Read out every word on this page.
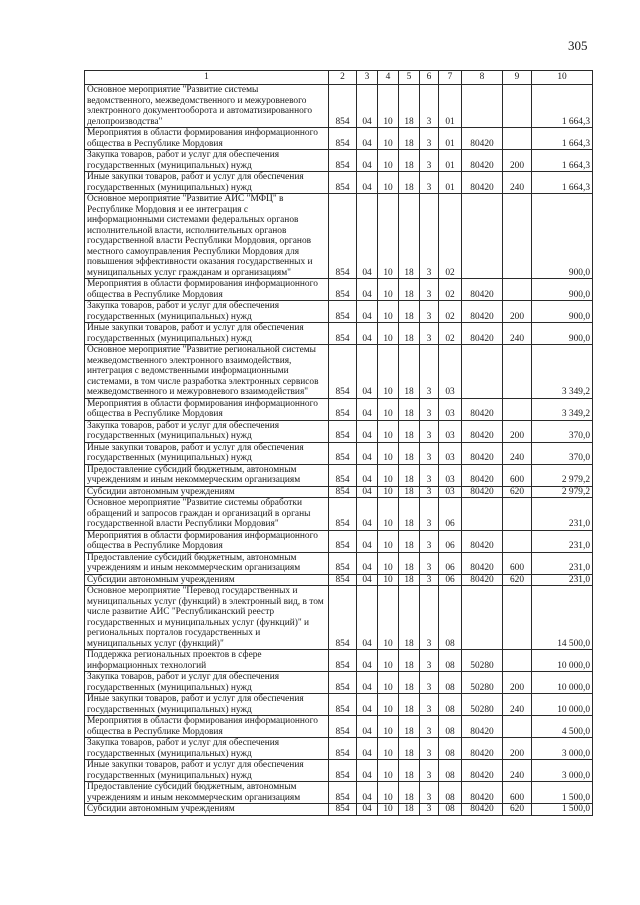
305
1	2	3	4	5	6	7	8	9	10
Основное мероприятие "Развитие системы ведомственного, межведомственного и межуровневого электронного документооборота и автоматизированного делопроизводства"	854	04	10	18	3	01			1 664,3
Мероприятия в области формирования информационного общества в Республике Мордовия	854	04	10	18	3	01	80420		1 664,3
Закупка товаров, работ и услуг для обеспечения государственных (муниципальных) нужд	854	04	10	18	3	01	80420	200	1 664,3
Иные закупки товаров, работ и услуг для обеспечения государственных (муниципальных) нужд	854	04	10	18	3	01	80420	240	1 664,3
Основное мероприятие "Развитие АИС "МФЦ" в Республике Мордовия и ее интеграция с информационными системами федеральных органов исполнительной власти, исполнительных органов государственной власти Республики Мордовия, органов местного самоуправления Республики Мордовия для повышения эффективности оказания государственных и муниципальных услуг гражданам и организациям"	854	04	10	18	3	02			900,0
Мероприятия в области формирования информационного общества в Республике Мордовия	854	04	10	18	3	02	80420		900,0
Закупка товаров, работ и услуг для обеспечения государственных (муниципальных) нужд	854	04	10	18	3	02	80420	200	900,0
Иные закупки товаров, работ и услуг для обеспечения государственных (муниципальных) нужд	854	04	10	18	3	02	80420	240	900,0
Основное мероприятие "Развитие региональной системы межведомственного электронного взаимодействия, интеграция с ведомственными информационными системами, в том числе разработка электронных сервисов межведомственного и межуровневого взаимодействия"	854	04	10	18	3	03			3 349,2
Мероприятия в области формирования информационного общества в Республике Мордовия	854	04	10	18	3	03	80420		3 349,2
Закупка товаров, работ и услуг для обеспечения государственных (муниципальных) нужд	854	04	10	18	3	03	80420	200	370,0
Иные закупки товаров, работ и услуг для обеспечения государственных (муниципальных) нужд	854	04	10	18	3	03	80420	240	370,0
Предоставление субсидий бюджетным, автономным учреждениям и иным некоммерческим организациям	854	04	10	18	3	03	80420	600	2 979,2
Субсидии автономным учреждениям	854	04	10	18	3	03	80420	620	2 979,2
Основное мероприятие "Развитие системы обработки обращений и запросов граждан и организаций в органы государственной власти Республики Мордовия"	854	04	10	18	3	06			231,0
Мероприятия в области формирования информационного общества в Республике Мордовия	854	04	10	18	3	06	80420		231,0
Предоставление субсидий бюджетным, автономным учреждениям и иным некоммерческим организациям	854	04	10	18	3	06	80420	600	231,0
Субсидии автономным учреждениям	854	04	10	18	3	06	80420	620	231,0
Основное мероприятие "Перевод государственных и муниципальных услуг (функций) в электронный вид, в том числе развитие АИС "Республиканский реестр государственных и муниципальных услуг (функций)" и региональных порталов государственных и муниципальных услуг (функций)"	854	04	10	18	3	08			14 500,0
Поддержка региональных проектов в сфере информационных технологий	854	04	10	18	3	08	50280		10 000,0
Закупка товаров, работ и услуг для обеспечения государственных (муниципальных) нужд	854	04	10	18	3	08	50280	200	10 000,0
Иные закупки товаров, работ и услуг для обеспечения государственных (муниципальных) нужд	854	04	10	18	3	08	50280	240	10 000,0
Мероприятия в области формирования информационного общества в Республике Мордовия	854	04	10	18	3	08	80420		4 500,0
Закупка товаров, работ и услуг для обеспечения государственных (муниципальных) нужд	854	04	10	18	3	08	80420	200	3 000,0
Иные закупки товаров, работ и услуг для обеспечения государственных (муниципальных) нужд	854	04	10	18	3	08	80420	240	3 000,0
Предоставление субсидий бюджетным, автономным учреждениям и иным некоммерческим организациям	854	04	10	18	3	08	80420	600	1 500,0
Субсидии автономным учреждениям	854	04	10	18	3	08	80420	620	1 500,0
